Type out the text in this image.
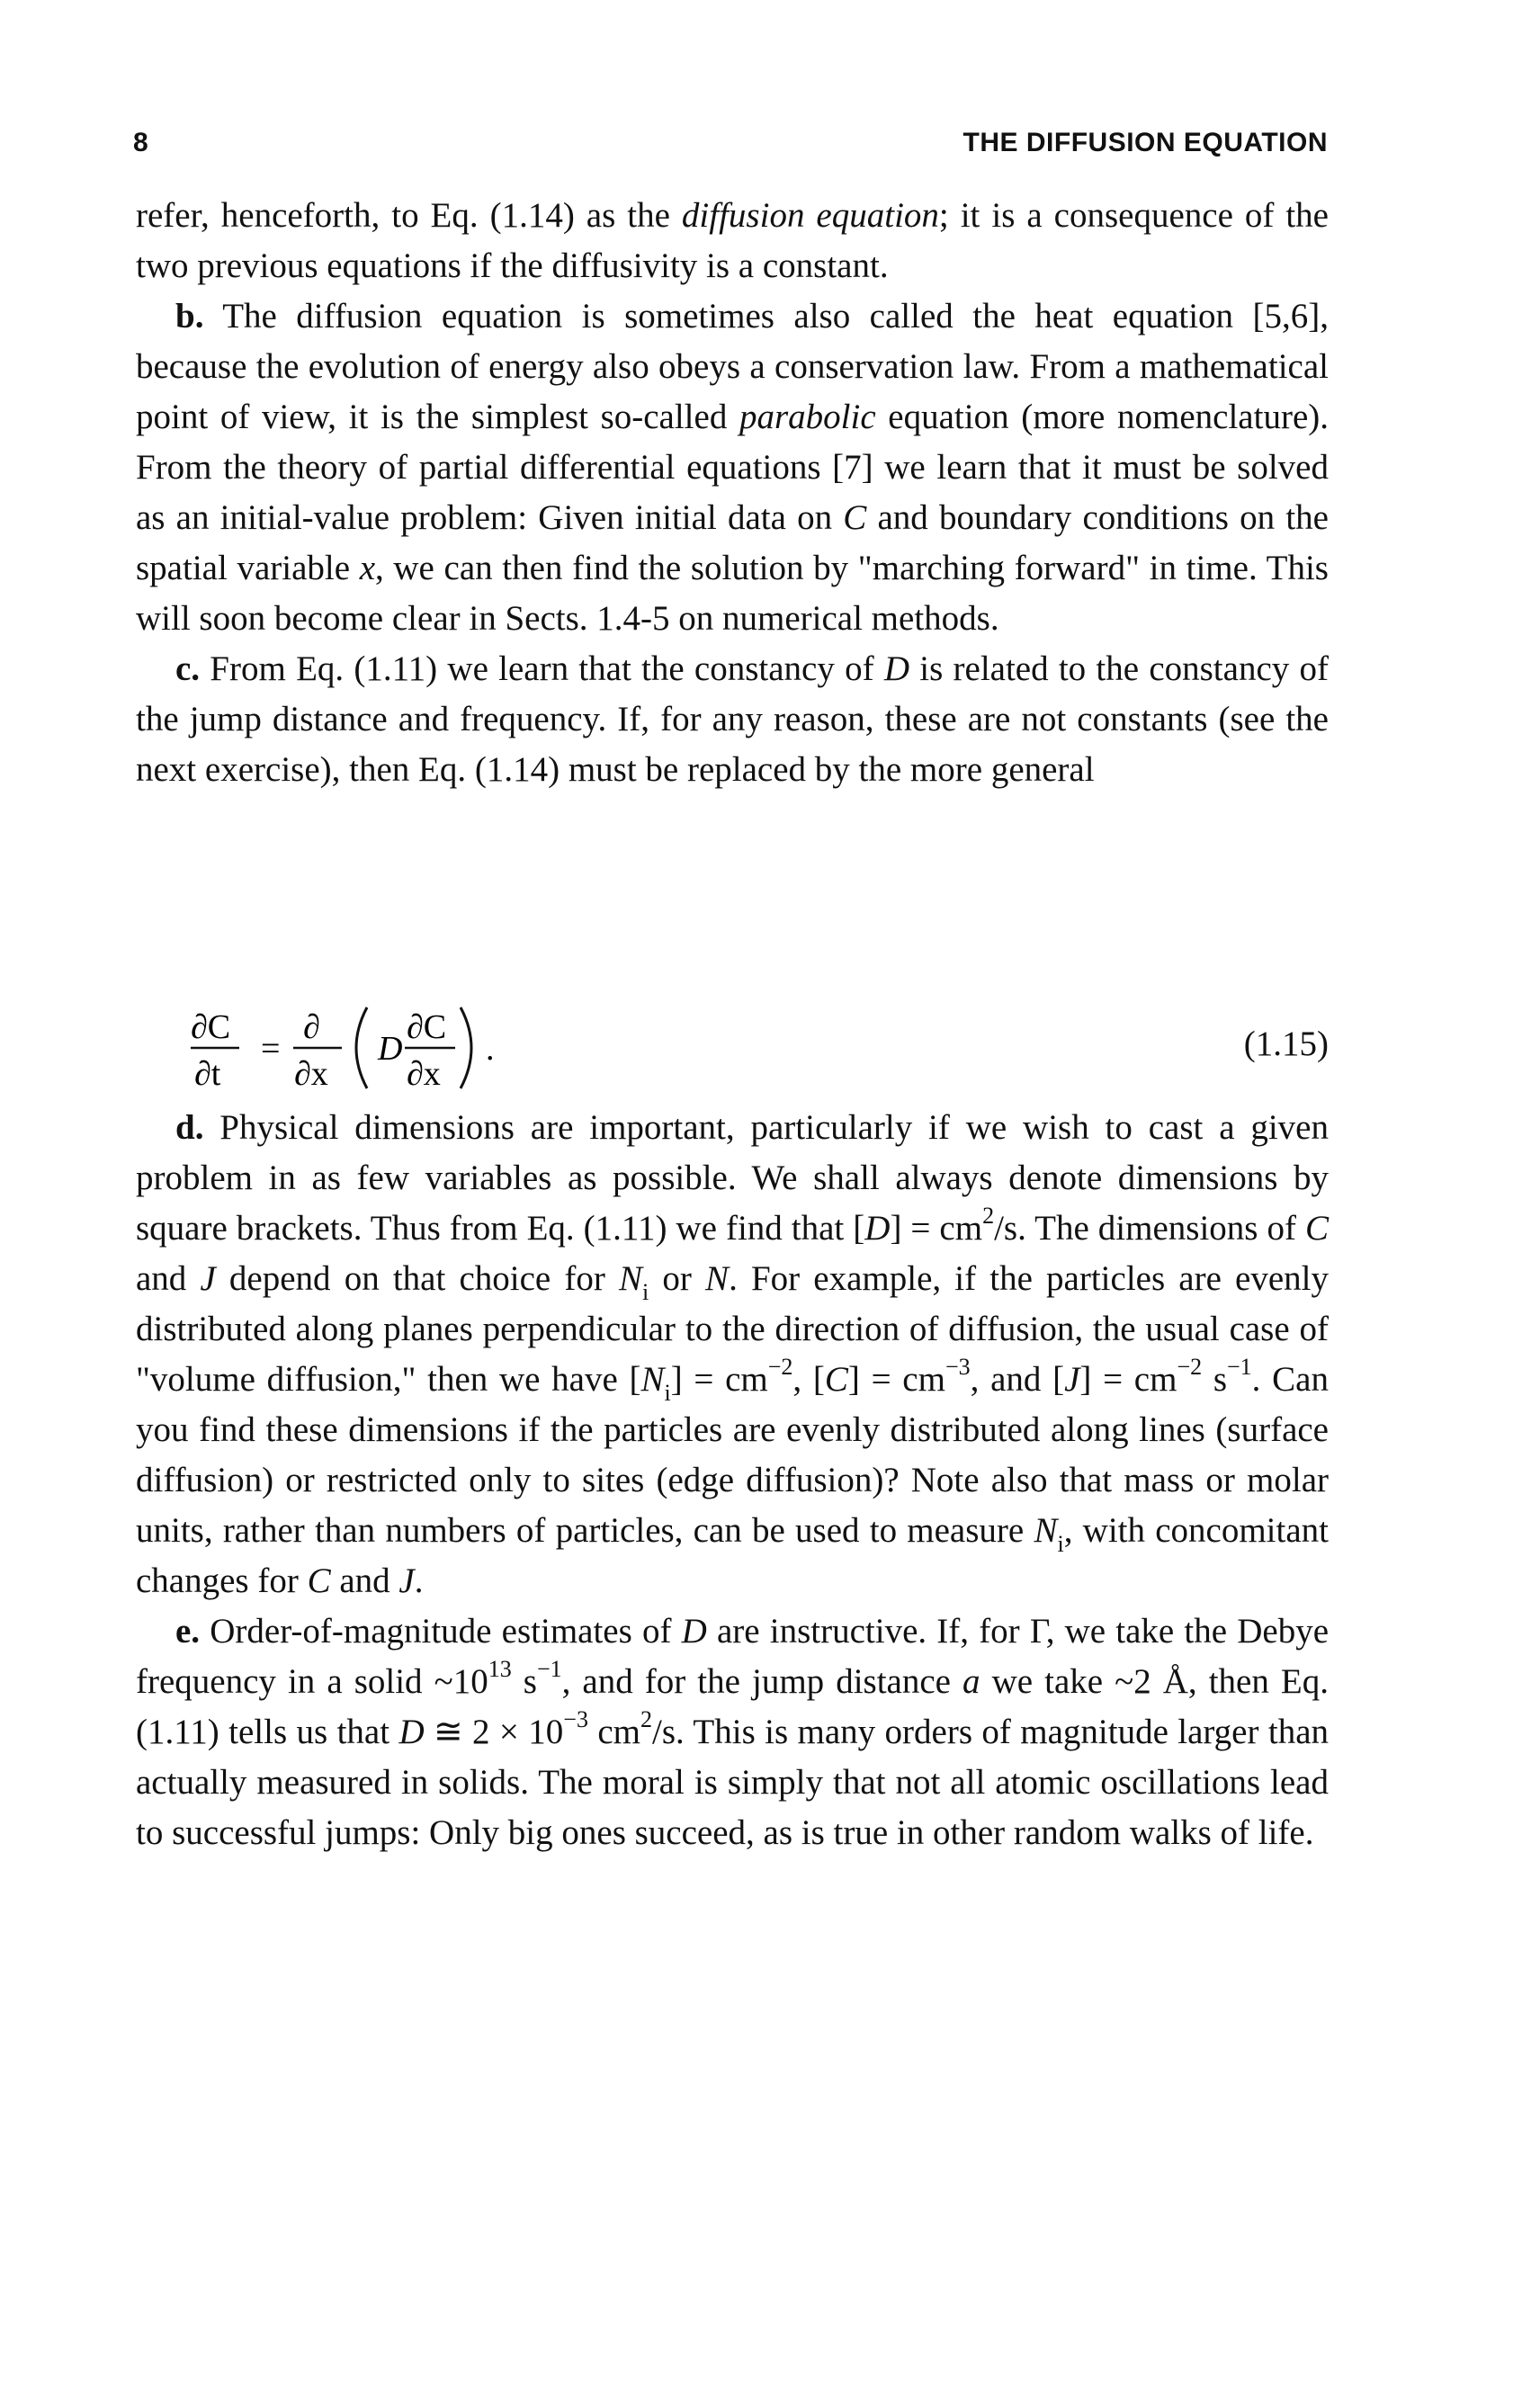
8	THE DIFFUSION EQUATION

refer, henceforth, to Eq. (1.14) as the diffusion equation; it is a consequence of the two previous equations if the diffusivity is a constant.

b. The diffusion equation is sometimes also called the heat equation [5,6], because the evolution of energy also obeys a conservation law. From a mathematical point of view, it is the simplest so-called parabolic equation (more nomenclature). From the theory of partial differential equations [7] we learn that it must be solved as an initial-value problem: Given initial data on C and boundary conditions on the spatial variable x, we can then find the solution by "marching forward" in time. This will soon become clear in Sects. 1.4-5 on numerical methods.

c. From Eq. (1.11) we learn that the constancy of D is related to the constancy of the jump distance and frequency. If, for any reason, these are not constants (see the next exercise), then Eq. (1.14) must be replaced by the more general

∂C
∂t
=
∂
∂x
D
∂C
∂x
.	(1.15)

d. Physical dimensions are important, particularly if we wish to cast a given problem in as few variables as possible. We shall always denote dimensions by square brackets. Thus from Eq. (1.11) we find that $[D] = cm^2/s$. The dimensions of C and J depend on that choice for $N_i$ or N. For example, if the particles are evenly distributed along planes perpendicular to the direction of diffusion, the usual case of "volume diffusion," then we have $[N_i] = cm^{-2}$, $[C] = cm^{-3}$, and $[J] = cm^{-2}$ $s^{-1}$. Can you find these dimensions if the particles are evenly distributed along lines (surface diffusion) or restricted only to sites (edge diffusion)? Note also that mass or molar units, rather than numbers of particles, can be used to measure $N_i$, with concomitant changes for C and J.

e. Order-of-magnitude estimates of D are instructive. If, for Γ, we take the Debye frequency in a solid $\sim 10^{13}$ $s^{-1}$, and for the jump distance a we take ~2 Å, then Eq. (1.11) tells us that D ≅ $2 \times 10^{-3}$ $cm^2/s$. This is many orders of magnitude larger than actually measured in solids. The moral is simply that not all atomic oscillations lead to successful jumps: Only big ones succeed, as is true in other random walks of life.
